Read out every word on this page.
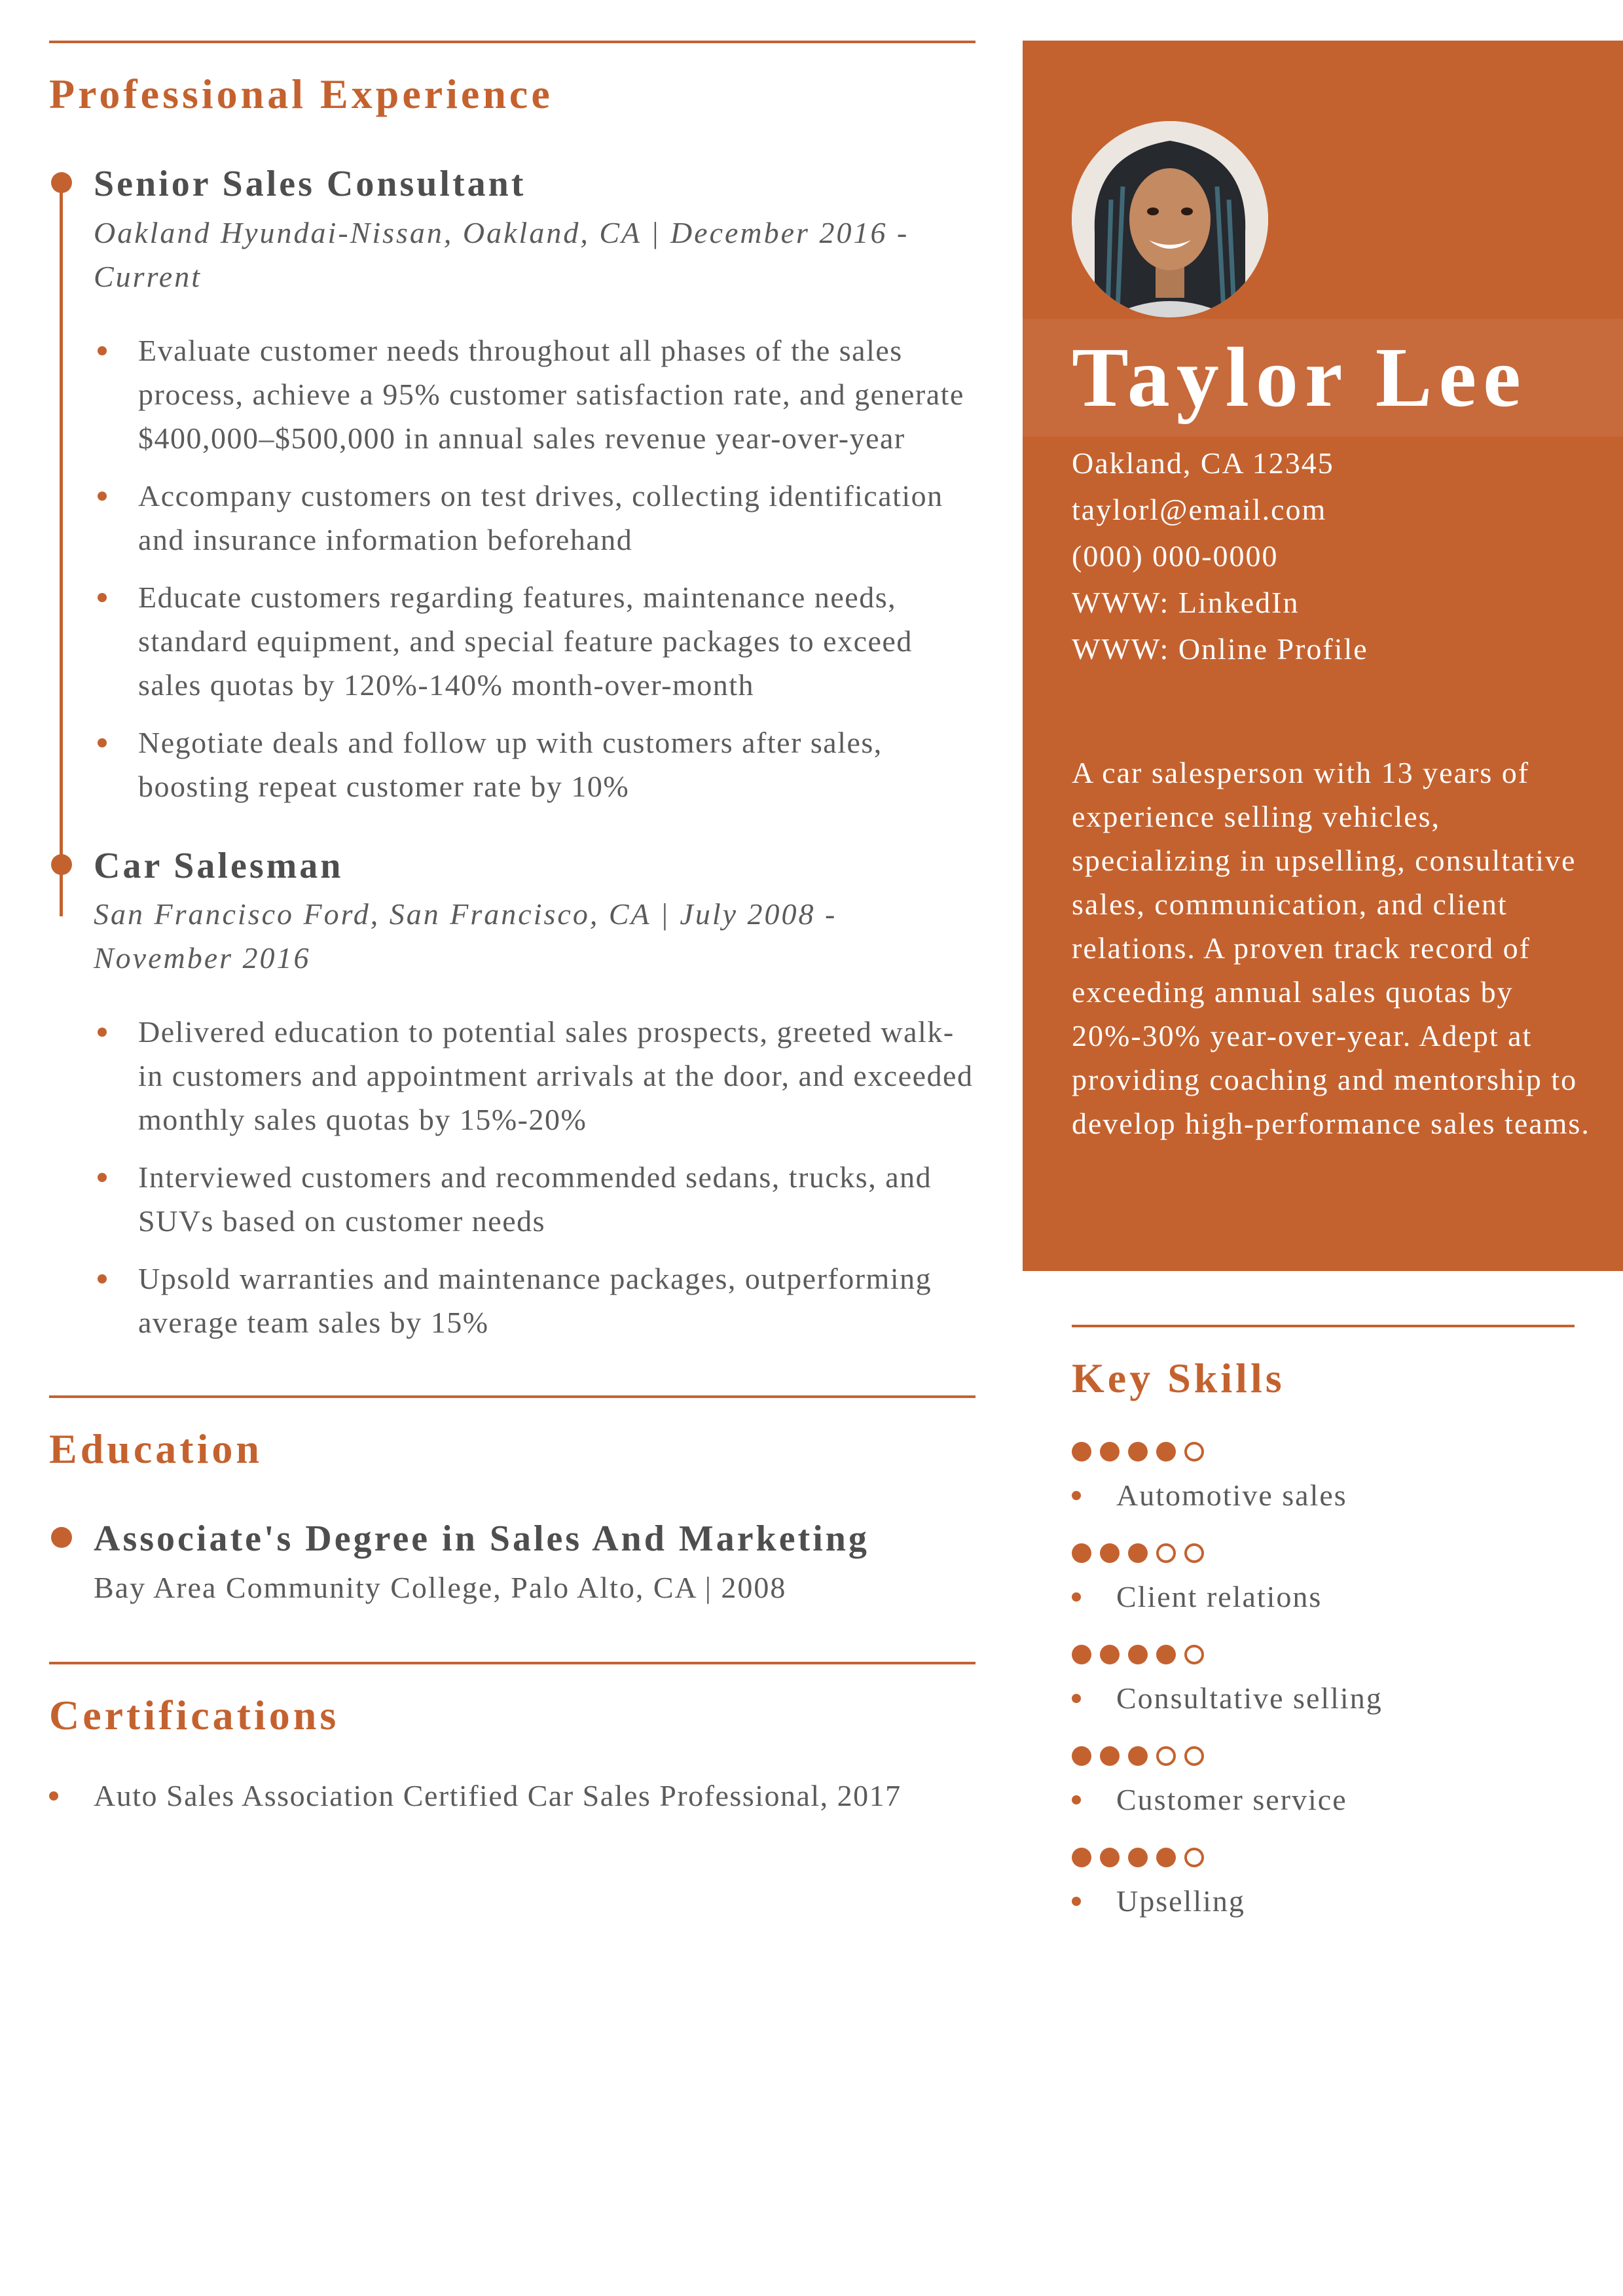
Professional Experience
Senior Sales Consultant
Oakland Hyundai-Nissan, Oakland, CA | December 2016 - Current
Evaluate customer needs throughout all phases of the sales process, achieve a 95% customer satisfaction rate, and generate $400,000–$500,000 in annual sales revenue year-over-year
Accompany customers on test drives, collecting identification and insurance information beforehand
Educate customers regarding features, maintenance needs, standard equipment, and special feature packages to exceed sales quotas by 120%-140% month-over-month
Negotiate deals and follow up with customers after sales, boosting repeat customer rate by 10%
Car Salesman
San Francisco Ford, San Francisco, CA | July 2008 - November 2016
Delivered education to potential sales prospects, greeted walk-in customers and appointment arrivals at the door, and exceeded monthly sales quotas by 15%-20%
Interviewed customers and recommended sedans, trucks, and SUVs based on customer needs
Upsold warranties and maintenance packages, outperforming average team sales by 15%
Education
Associate's Degree in Sales And Marketing
Bay Area Community College, Palo Alto, CA | 2008
Certifications
Auto Sales Association Certified Car Sales Professional, 2017
Taylor Lee
Oakland, CA 12345
taylorl@email.com
(000) 000-0000
WWW: LinkedIn
WWW: Online Profile
A car salesperson with 13 years of experience selling vehicles, specializing in upselling, consultative sales, communication, and client relations. A proven track record of exceeding annual sales quotas by 20%-30% year-over-year. Adept at providing coaching and mentorship to develop high-performance sales teams.
Key Skills
Automotive sales
Client relations
Consultative selling
Customer service
Upselling
